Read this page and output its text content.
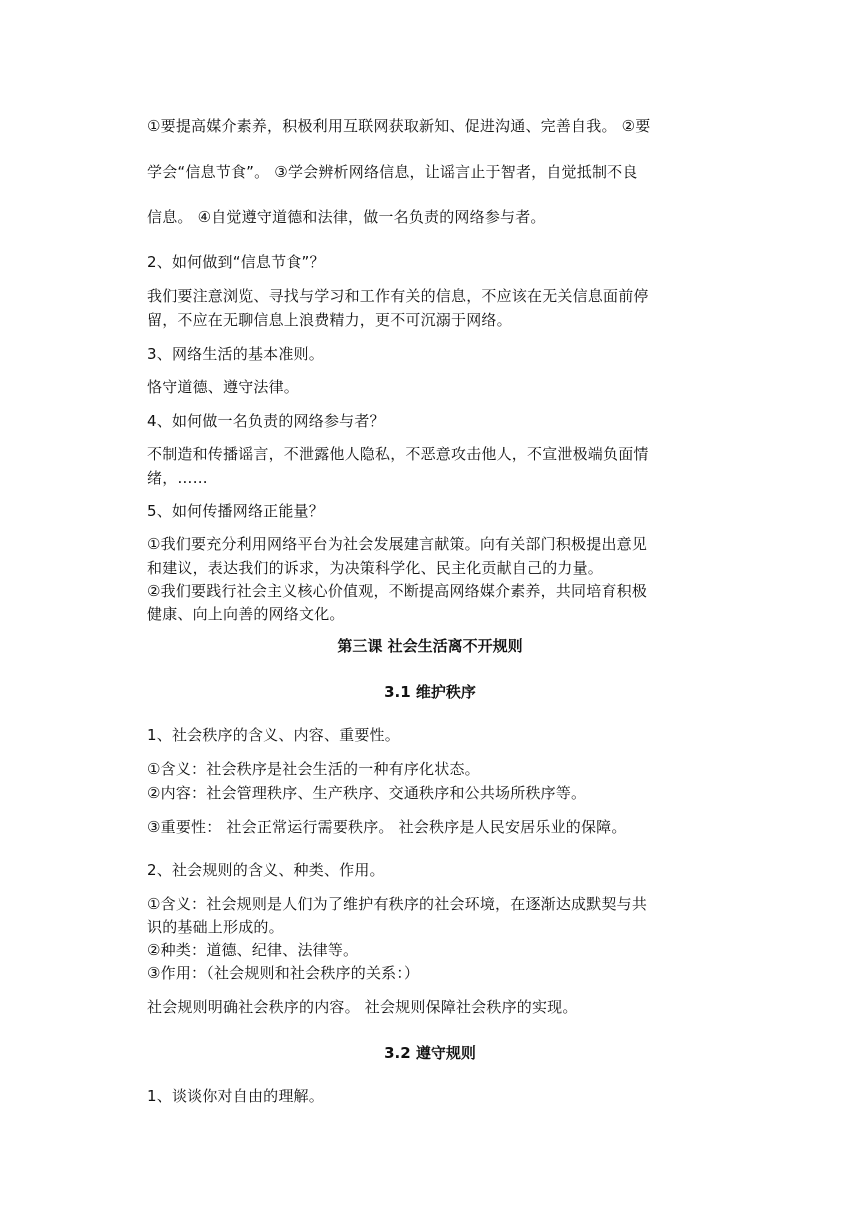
①要提高媒介素养，积极利用互联网获取新知、促进沟通、完善自我。 ②要
学会“信息节食”。 ③学会辨析网络信息，让谣言止于智者，自觉抵制不良
信息。 ④自觉遵守道德和法律，做一名负责的网络参与者。
2、如何做到“信息节食”？
我们要注意浏览、寻找与学习和工作有关的信息，不应该在无关信息面前停
留，不应在无聊信息上浪费精力，更不可沉溺于网络。
3、网络生活的基本准则。
恪守道德、遵守法律。
4、如何做一名负责的网络参与者？
不制造和传播谣言，不泄露他人隐私，不恶意攻击他人，不宣泄极端负面情
绪，……
5、如何传播网络正能量？
①我们要充分利用网络平台为社会发展建言献策。向有关部门积极提出意见
和建议，表达我们的诉求，为决策科学化、民主化贡献自己的力量。
②我们要践行社会主义核心价值观，不断提高网络媒介素养，共同培育积极
健康、向上向善的网络文化。
第三课 社会生活离不开规则
3.1 维护秩序
1、社会秩序的含义、内容、重要性。
①含义：社会秩序是社会生活的一种有序化状态。
②内容：社会管理秩序、生产秩序、交通秩序和公共场所秩序等。
③重要性： 社会正常运行需要秩序。 社会秩序是人民安居乐业的保障。
2、社会规则的含义、种类、作用。
①含义：社会规则是人们为了维护有秩序的社会环境，在逐渐达成默契与共
识的基础上形成的。
②种类：道德、纪律、法律等。
③作用：（社会规则和社会秩序的关系：）
社会规则明确社会秩序的内容。 社会规则保障社会秩序的实现。
3.2 遵守规则
1、谈谈你对自由的理解。
